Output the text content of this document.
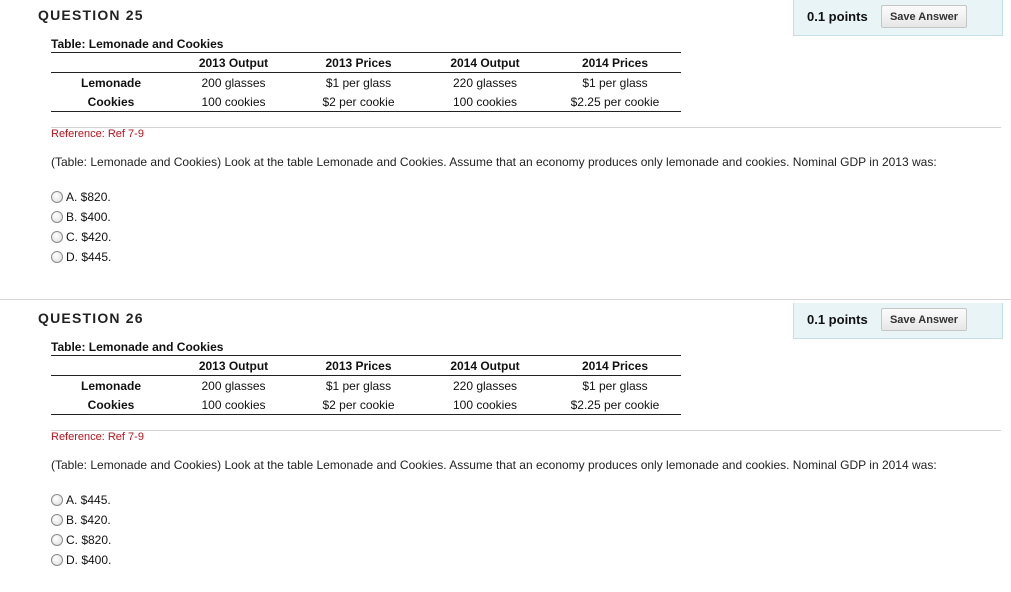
QUESTION 25	0.1 points	Save Answer
Table: Lemonade and Cookies
	2013 Output	2013 Prices	2014 Output	2014 Prices
Lemonade	200 glasses	$1 per glass	220 glasses	$1 per glass
Cookies	100 cookies	$2 per cookie	100 cookies	$2.25 per cookie
Reference: Ref 7-9
(Table: Lemonade and Cookies) Look at the table Lemonade and Cookies. Assume that an economy produces only lemonade and cookies. Nominal GDP in 2013 was:
A. $820.
B. $400.
C. $420.
D. $445.
QUESTION 26	0.1 points	Save Answer
Table: Lemonade and Cookies
	2013 Output	2013 Prices	2014 Output	2014 Prices
Lemonade	200 glasses	$1 per glass	220 glasses	$1 per glass
Cookies	100 cookies	$2 per cookie	100 cookies	$2.25 per cookie
Reference: Ref 7-9
(Table: Lemonade and Cookies) Look at the table Lemonade and Cookies. Assume that an economy produces only lemonade and cookies. Nominal GDP in 2014 was:
A. $445.
B. $420.
C. $820.
D. $400.
